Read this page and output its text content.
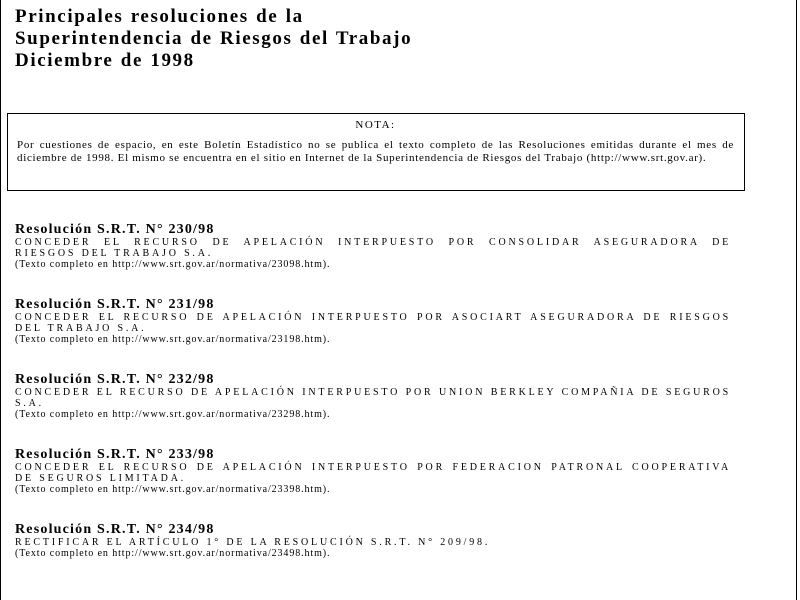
Principales resoluciones de la
Superintendencia de Riesgos del Trabajo
Diciembre de 1998

NOTA:

Por cuestiones de espacio, en este Boletín Estadístico no se publica el texto completo de las Resoluciones emitidas durante el mes de diciembre de 1998. El mismo se encuentra en el sitio en Internet de la Superintendencia de Riesgos del Trabajo (http://www.srt.gov.ar).

Resolución S.R.T. N° 230/98

CONCEDER EL RECURSO DE APELACIÓN INTERPUESTO POR CONSOLIDAR ASEGURADORA DE RIESGOS DEL TRABAJO S.A.

(Texto completo en http://www.srt.gov.ar/normativa/23098.htm).

Resolución S.R.T. N° 231/98

CONCEDER EL RECURSO DE APELACIÓN INTERPUESTO POR ASOCIART ASEGURADORA DE RIESGOS DEL TRABAJO S.A.

(Texto completo en http://www.srt.gov.ar/normativa/23198.htm).

Resolución S.R.T. N° 232/98

CONCEDER EL RECURSO DE APELACIÓN INTERPUESTO POR UNION BERKLEY COMPAÑIA DE SEGUROS S.A.

(Texto completo en http://www.srt.gov.ar/normativa/23298.htm).

Resolución S.R.T. N° 233/98

CONCEDER EL RECURSO DE APELACIÓN INTERPUESTO POR FEDERACION PATRONAL COOPERATIVA DE SEGUROS LIMITADA.

(Texto completo en http://www.srt.gov.ar/normativa/23398.htm).

Resolución S.R.T. N° 234/98

RECTIFICAR EL ARTÍCULO 1° DE LA RESOLUCIÓN S.R.T. N° 209/98.

(Texto completo en http://www.srt.gov.ar/normativa/23498.htm).
